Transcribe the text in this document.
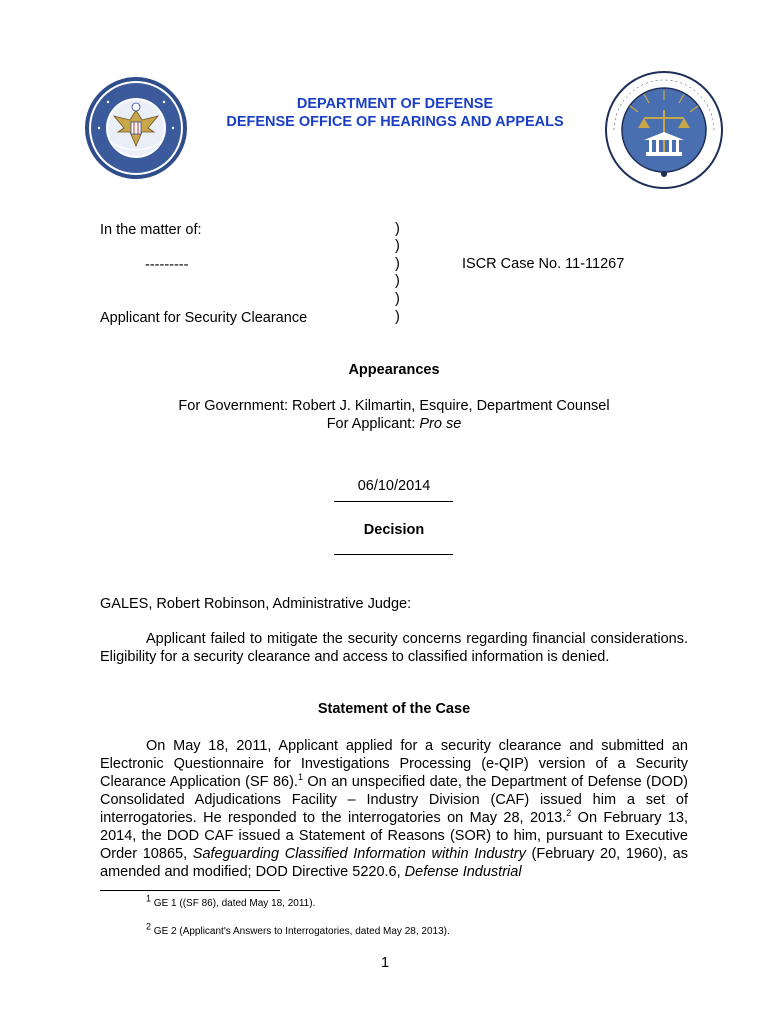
DEPARTMENT OF DEFENSE
DEFENSE OFFICE OF HEARINGS AND APPEALS
In the matter of:
---------
Applicant for Security Clearance
)
)
)
)
)
)
ISCR Case No. 11-11267
Appearances
For Government: Robert J. Kilmartin, Esquire, Department Counsel
For Applicant: Pro se
06/10/2014
Decision
GALES, Robert Robinson, Administrative Judge:
Applicant failed to mitigate the security concerns regarding financial considerations. Eligibility for a security clearance and access to classified information is denied.
Statement of the Case
On May 18, 2011, Applicant applied for a security clearance and submitted an Electronic Questionnaire for Investigations Processing (e-QIP) version of a Security Clearance Application (SF 86).$^1$ On an unspecified date, the Department of Defense (DOD) Consolidated Adjudications Facility – Industry Division (CAF) issued him a set of interrogatories. He responded to the interrogatories on May 28, 2013.$^2$ On February 13, 2014, the DOD CAF issued a Statement of Reasons (SOR) to him, pursuant to Executive Order 10865, Safeguarding Classified Information within Industry (February 20, 1960), as amended and modified; DOD Directive 5220.6, Defense Industrial
$^1$ GE 1 ((SF 86), dated May 18, 2011).
$^2$ GE 2 (Applicant's Answers to Interrogatories, dated May 28, 2013).
1
